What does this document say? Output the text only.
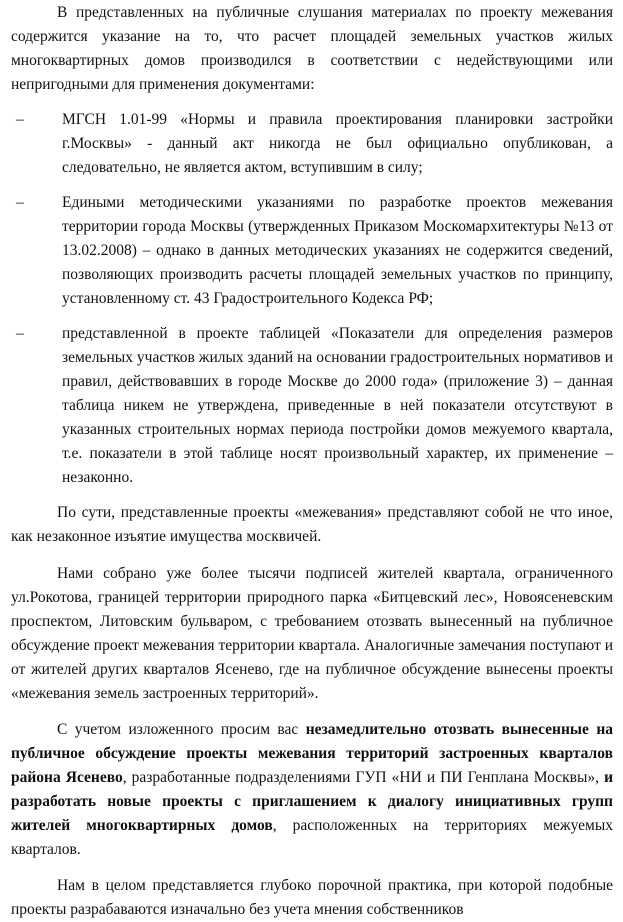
В представленных на публичные слушания материалах по проекту межевания содержится указание на то, что расчет площадей земельных участков жилых многоквартирных домов производился в соответствии с недействующими или непригодными для применения документами:

– МГСН 1.01-99 «Нормы и правила проектирования планировки застройки г.Москвы» - данный акт никогда не был официально опубликован, а следовательно, не является актом, вступившим в силу;
– Едиными методическими указаниями по разработке проектов межевания территории города Москвы (утвержденных Приказом Москомархитектуры №13 от 13.02.2008) – однако в данных методических указаниях не содержится сведений, позволяющих производить расчеты площадей земельных участков по принципу, установленному ст. 43 Градостроительного Кодекса РФ;
– представленной в проекте таблицей «Показатели для определения размеров земельных участков жилых зданий на основании градостроительных нормативов и правил, действовавших в городе Москве до 2000 года» (приложение 3) – данная таблица никем не утверждена, приведенные в ней показатели отсутствуют в указанных строительных нормах периода постройки домов межуемого квартала, т.е. показатели в этой таблице носят произвольный характер, их применение – незаконно.

По сути, представленные проекты «межевания» представляют собой не что иное, как незаконное изъятие имущества москвичей.

Нами собрано уже более тысячи подписей жителей квартала, ограниченного ул.Рокотова, границей территории природного парка «Битцевский лес», Новоясеневским проспектом, Литовским бульваром, с требованием отозвать вынесенный на публичное обсуждение проект межевания территории квартала. Аналогичные замечания поступают и от жителей других кварталов Ясенево, где на публичное обсуждение вынесены проекты «межевания земель застроенных территорий».

С учетом изложенного просим вас незамедлительно отозвать вынесенные на публичное обсуждение проекты межевания территорий застроенных кварталов района Ясенево, разработанные подразделениями ГУП «НИ и ПИ Генплана Москвы», и разработать новые проекты с приглашением к диалогу инициативных групп жителей многоквартирных домов, расположенных на территориях межуемых кварталов.

Нам в целом представляется глубоко порочной практика, при которой подобные проекты разрабаваются изначально без учета мнения собственников
